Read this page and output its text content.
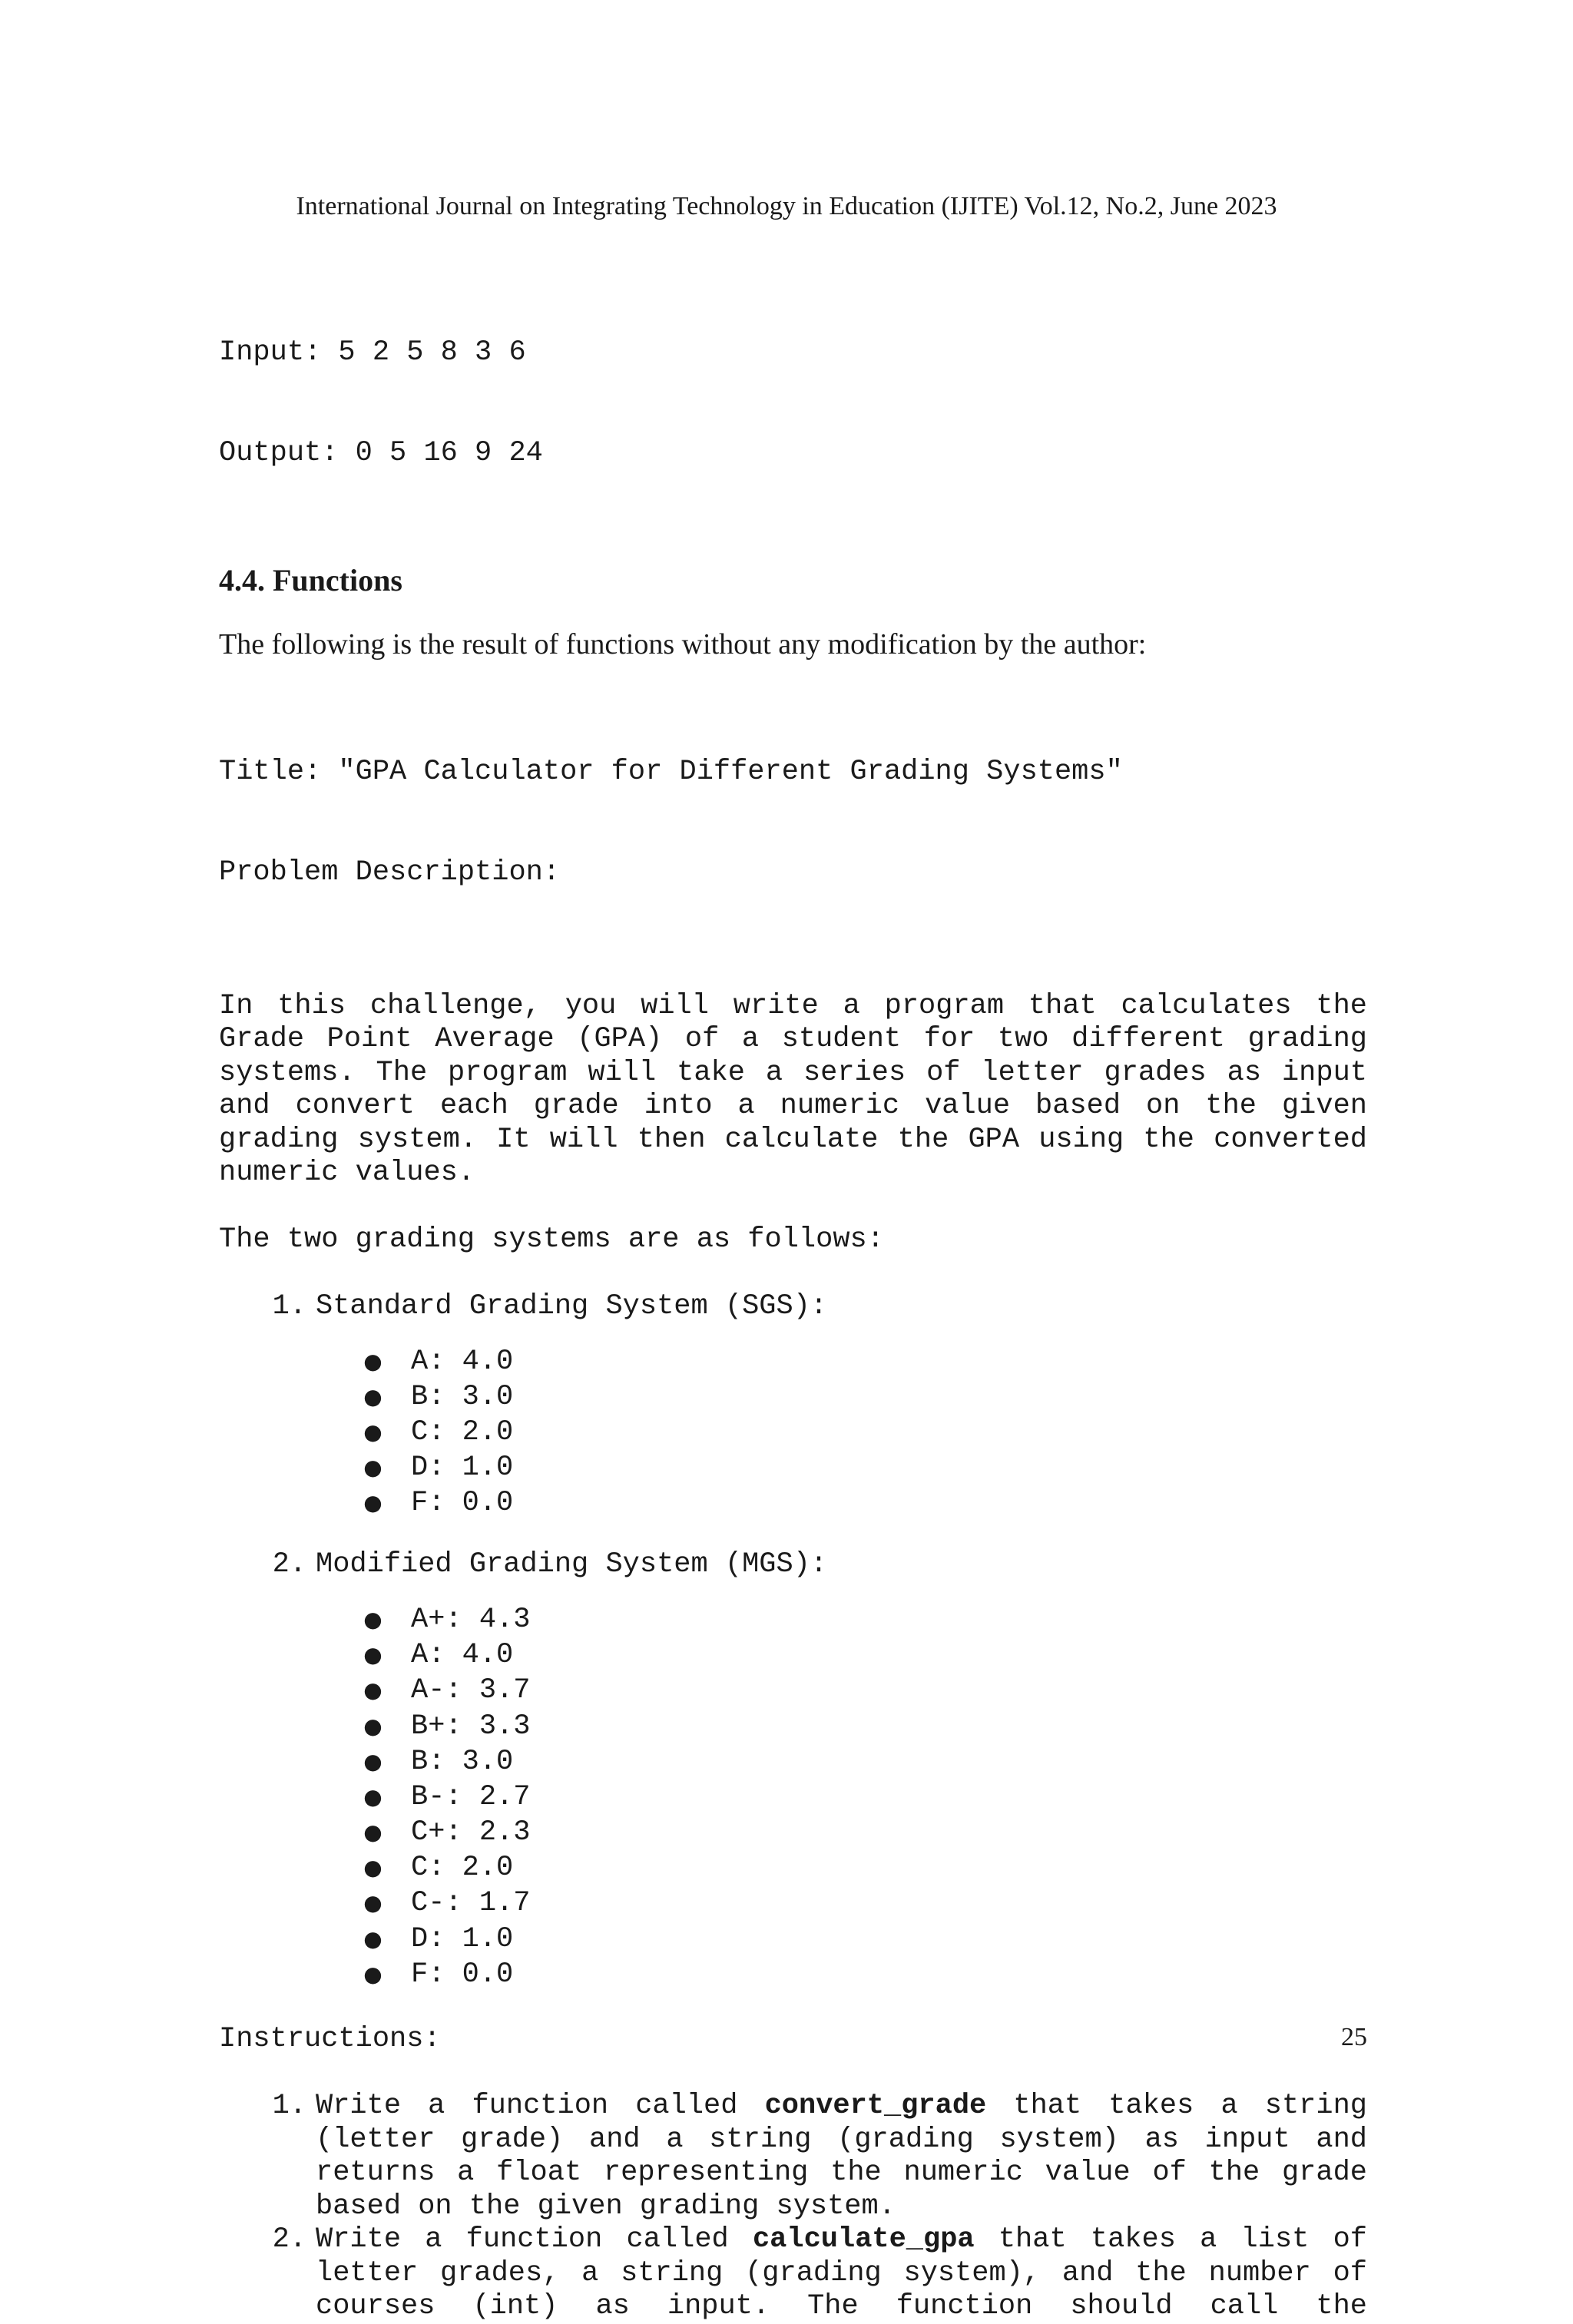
International Journal on Integrating Technology in Education (IJITE) Vol.12, No.2, June 2023

Input: 5 2 5 8 3 6

Output: 0 5 16 9 24

4.4. Functions

The following is the result of functions without any modification by the author:

Title: "GPA Calculator for Different Grading Systems"

Problem Description:

In this challenge, you will write a program that calculates the Grade Point Average (GPA) of a student for two different grading systems. The program will take a series of letter grades as input and convert each grade into a numeric value based on the given grading system. It will then calculate the GPA using the converted numeric values.
The two grading systems are as follows:
1. Standard Grading System (SGS):
● A: 4.0
● B: 3.0
● C: 2.0
● D: 1.0
● F: 0.0
2. Modified Grading System (MGS):
● A+: 4.3
● A: 4.0
● A-: 3.7
● B+: 3.3
● B: 3.0
● B-: 2.7
● C+: 2.3
● C: 2.0
● C-: 1.7
● D: 1.0
● F: 0.0
Instructions:
1. Write a function called convert_grade that takes a string (letter grade) and a string (grading system) as input and returns a float representing the numeric value of the grade based on the given grading system.
2. Write a function called calculate_gpa that takes a list of letter grades, a string (grading system), and the number of courses (int) as input. The function should call the
25
